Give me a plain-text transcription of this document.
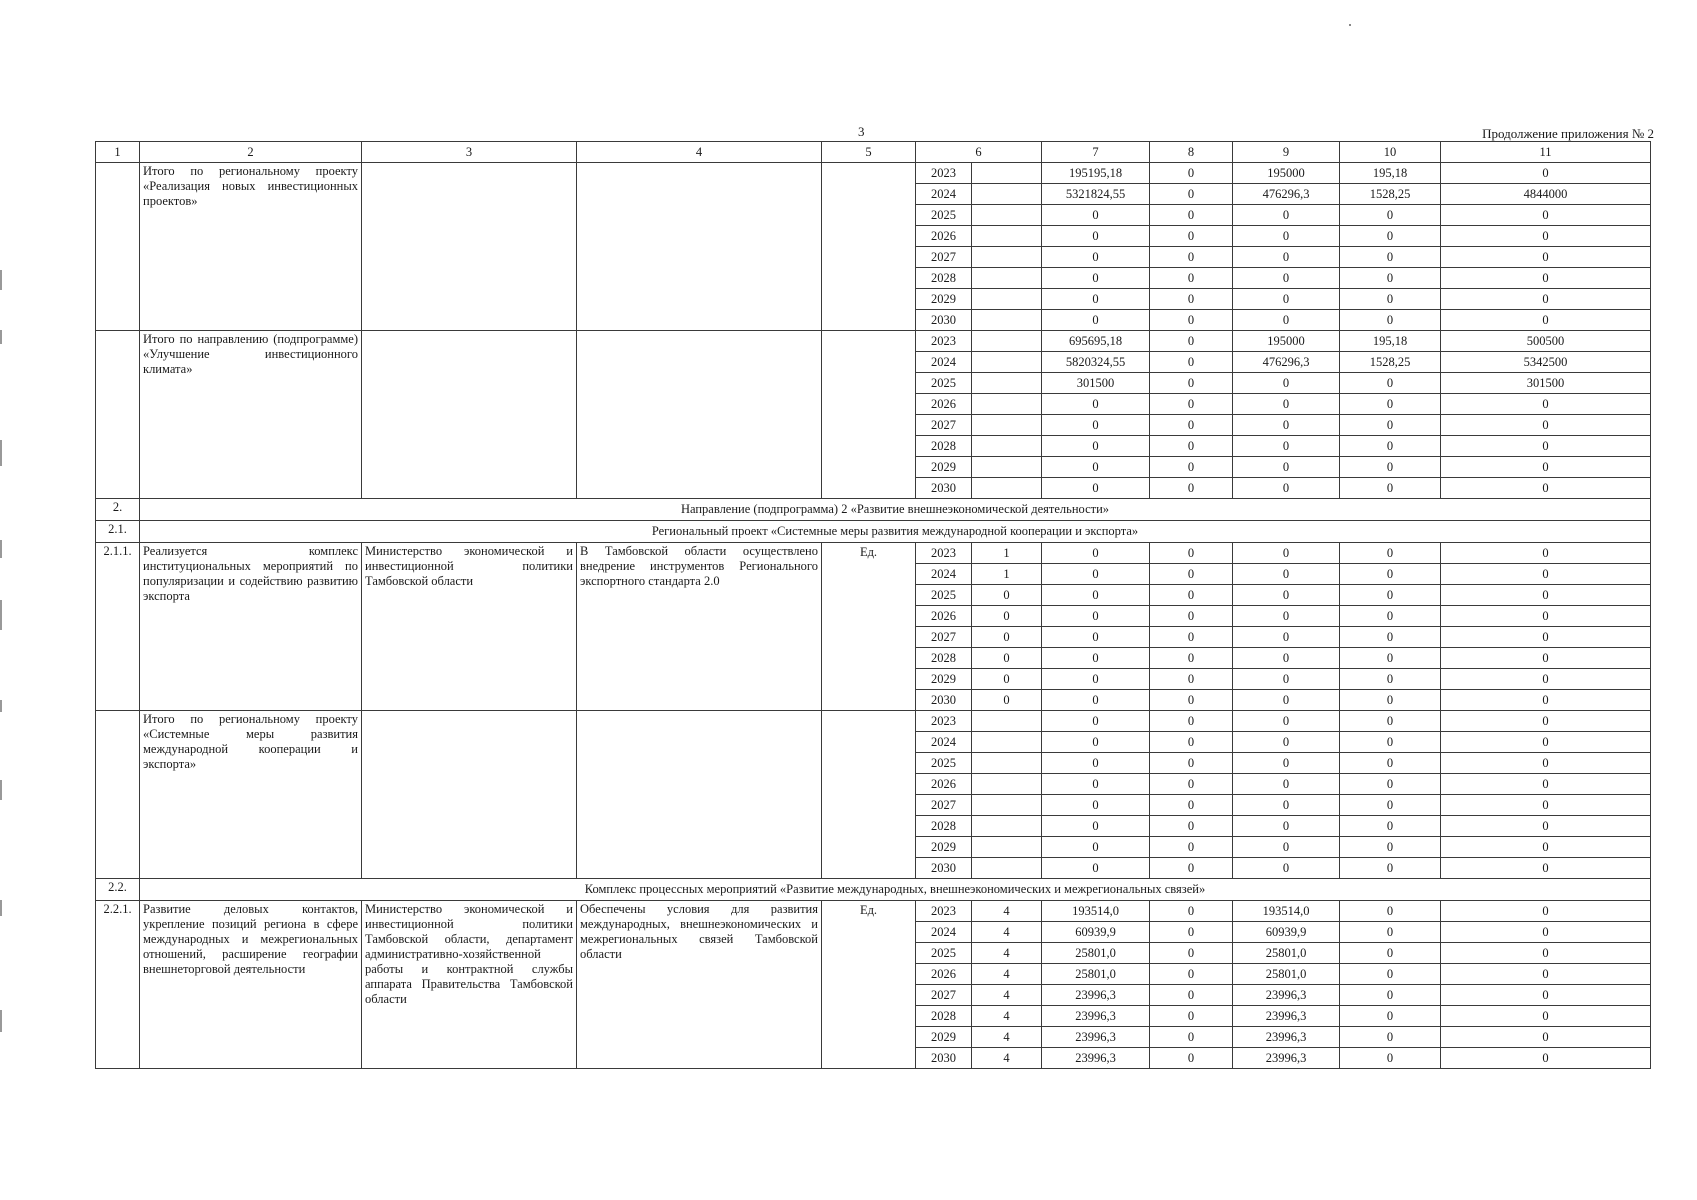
3	Продолжение приложения № 2
1	2	3	4	5	6		7	8	9	10	11
	Итого по региональному проекту «Реализация новых инвестиционных проектов»				2023		195195,18	0	195000	195,18	0
					2024		5321824,55	0	476296,3	1528,25	4844000
					2025		0	0	0	0	0
					2026		0	0	0	0	0
					2027		0	0	0	0	0
					2028		0	0	0	0	0
					2029		0	0	0	0	0
					2030		0	0	0	0	0
	Итого по направлению (подпрограмме) «Улучшение инвестиционного климата»				2023		695695,18	0	195000	195,18	500500
					2024		5820324,55	0	476296,3	1528,25	5342500
					2025		301500	0	0	0	301500
					2026		0	0	0	0	0
					2027		0	0	0	0	0
					2028		0	0	0	0	0
					2029		0	0	0	0	0
					2030		0	0	0	0	0
2.	Направление (подпрограмма) 2 «Развитие внешнеэкономической деятельности»										
2.1.	Региональный проект «Системные меры развития международной кооперации и экспорта»										
2.1.1.	Реализуется комплекс институциональных мероприятий по популяризации и содействию развитию экспорта	Министерство экономической и инвестиционной политики Тамбовской области	В Тамбовской области осуществлено внедрение инструментов Регионального экспортного стандарта 2.0	Ед.	2023	1	0	0	0	0	0
					2024	1	0	0	0	0	0
					2025	0	0	0	0	0	0
					2026	0	0	0	0	0	0
					2027	0	0	0	0	0	0
					2028	0	0	0	0	0	0
					2029	0	0	0	0	0	0
					2030	0	0	0	0	0	0
	Итого по региональному проекту «Системные меры развития международной кооперации и экспорта»				2023		0	0	0	0	0
					2024		0	0	0	0	0
					2025		0	0	0	0	0
					2026		0	0	0	0	0
					2027		0	0	0	0	0
					2028		0	0	0	0	0
					2029		0	0	0	0	0
					2030		0	0	0	0	0
2.2.	Комплекс процессных мероприятий «Развитие международных, внешнеэкономических и межрегиональных связей»										
2.2.1.	Развитие деловых контактов, укрепление позиций региона в сфере международных и межрегиональных отношений, расширение географии внешнеторговой деятельности	Министерство экономической и инвестиционной политики Тамбовской области, департамент административно-хозяйственной работы и контрактной службы аппарата Правительства Тамбовской области	Обеспечены условия для развития международных, внешнеэкономических и межрегиональных связей Тамбовской области	Ед.	2023	4	193514,0	0	193514,0	0	0
					2024	4	60939,9	0	60939,9	0	0
					2025	4	25801,0	0	25801,0	0	0
					2026	4	25801,0	0	25801,0	0	0
					2027	4	23996,3	0	23996,3	0	0
					2028	4	23996,3	0	23996,3	0	0
					2029	4	23996,3	0	23996,3	0	0
					2030	4	23996,3	0	23996,3	0	0
